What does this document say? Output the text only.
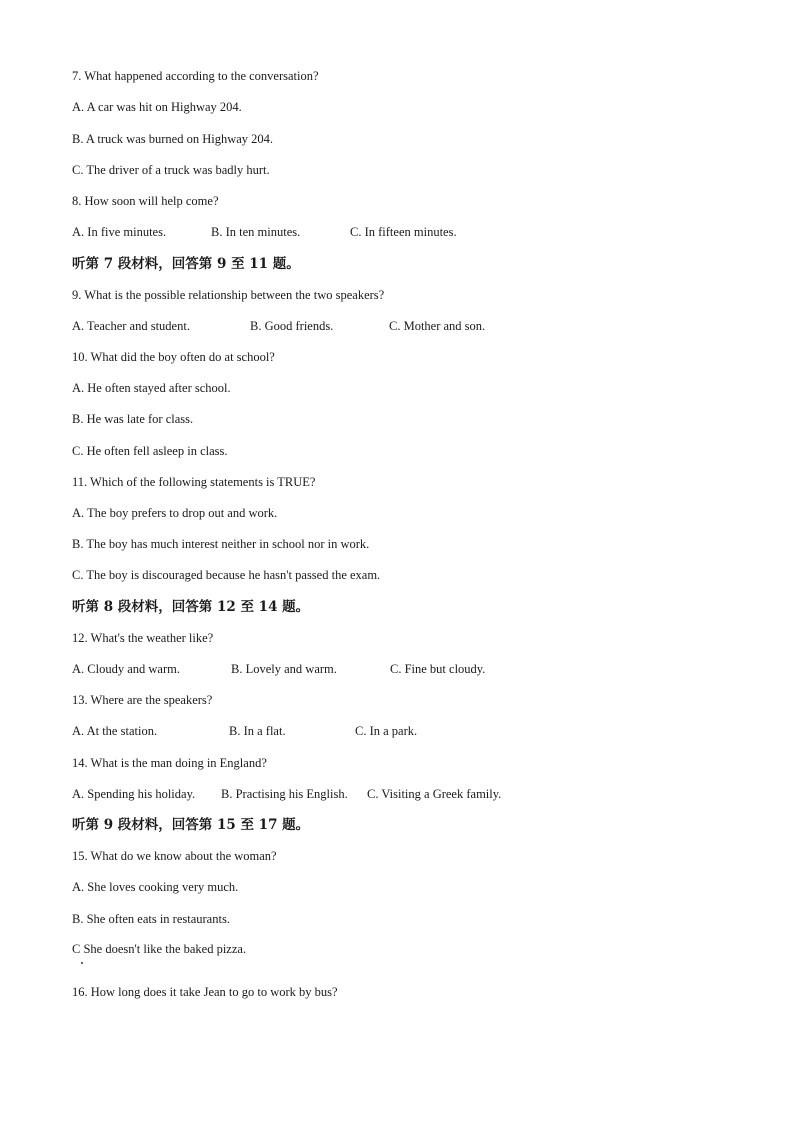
7. What happened according to the conversation?
A. A car was hit on Highway 204.
B. A truck was burned on Highway 204.
C. The driver of a truck was badly hurt.
8. How soon will help come?
A. In five minutes.	B. In ten minutes.	C. In fifteen minutes.
听第 7 段材料，回答第 9 至 11 题。
9. What is the possible relationship between the two speakers?
A. Teacher and student.	B. Good friends.	C. Mother and son.
10. What did the boy often do at school?
A. He often stayed after school.
B. He was late for class.
C. He often fell asleep in class.
11. Which of the following statements is TRUE?
A. The boy prefers to drop out and work.
B. The boy has much interest neither in school nor in work.
C. The boy is discouraged because he hasn't passed the exam.
听第 8 段材料，回答第 12 至 14 题。
12. What's the weather like?
A. Cloudy and warm.	B. Lovely and warm.	C. Fine but cloudy.
13. Where are the speakers?
A. At the station.	B. In a flat.	C. In a park.
14. What is the man doing in England?
A. Spending his holiday. B. Practising his English. C. Visiting a Greek family.
听第 9 段材料，回答第 15 至 17 题。
15. What do we know about the woman?
A. She loves cooking very much.
B. She often eats in restaurants.
C She doesn't like the baked pizza.
16. How long does it take Jean to go to work by bus?
